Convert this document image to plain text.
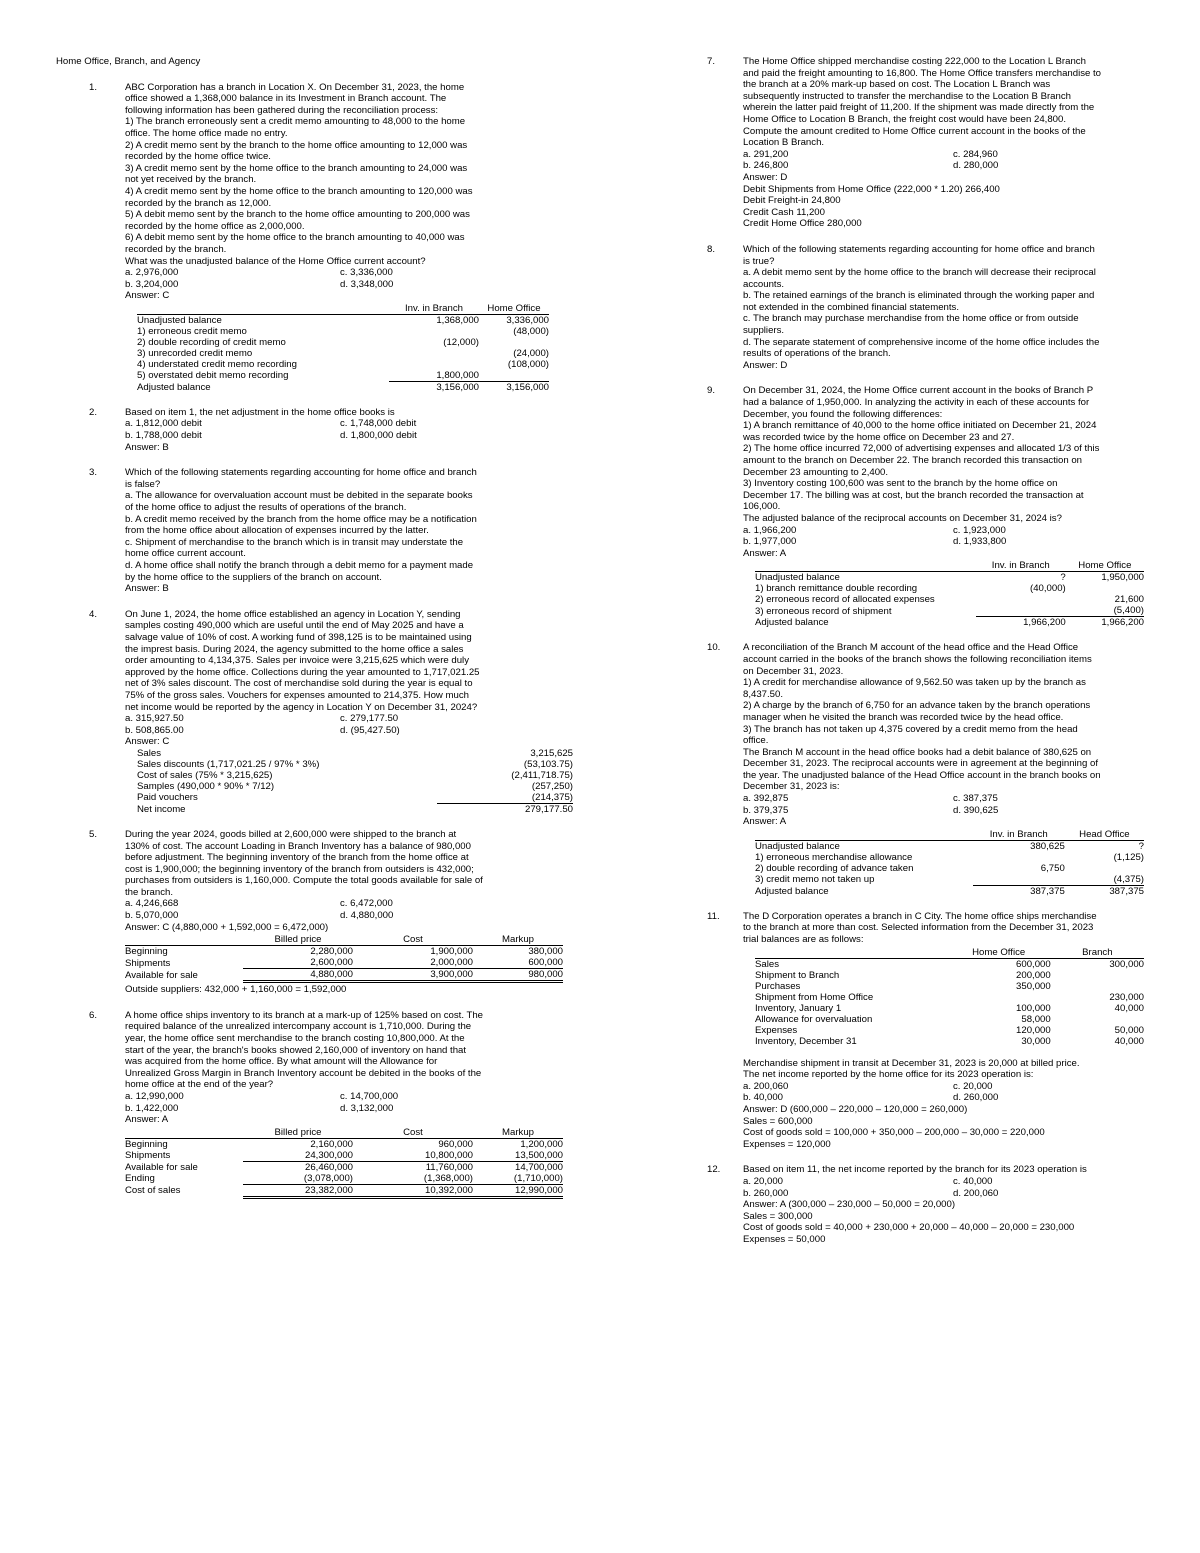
Home Office, Branch, and Agency
1.	ABC Corporation has a branch in Location X. On December 31, 2023, the home
office showed a 1,368,000 balance in its Investment in Branch account. The
following information has been gathered during the reconciliation process:
1) The branch erroneously sent a credit memo amounting to 48,000 to the home
office. The home office made no entry.
2) A credit memo sent by the branch to the home office amounting to 12,000 was
recorded by the home office twice.
3) A credit memo sent by the home office to the branch amounting to 24,000 was
not yet received by the branch.
4) A credit memo sent by the home office to the branch amounting to 120,000 was
recorded by the branch as 12,000.
5) A debit memo sent by the branch to the home office amounting to 200,000 was
recorded by the home office as 2,000,000.
6) A debit memo sent by the home office to the branch amounting to 40,000 was
recorded by the branch.
What was the unadjusted balance of the Home Office current account?
a. 2,976,000	c. 3,336,000
b. 3,204,000	d. 3,348,000
Answer: C
	Inv. in Branch	Home Office
Unadjusted balance	1,368,000	3,336,000
1) erroneous credit memo		(48,000)
2) double recording of credit memo	(12,000)	
3) unrecorded credit memo		(24,000)
4) understated credit memo recording		(108,000)
5) overstated debit memo recording	1,800,000	
Adjusted balance	3,156,000	3,156,000
2.	Based on item 1, the net adjustment in the home office books is
a. 1,812,000 debit	c. 1,748,000 debit
b. 1,788,000 debit	d. 1,800,000 debit
Answer: B
3.	Which of the following statements regarding accounting for home office and branch
is false?
a. The allowance for overvaluation account must be debited in the separate books
of the home office to adjust the results of operations of the branch.
b. A credit memo received by the branch from the home office may be a notification
from the home office about allocation of expenses incurred by the latter.
c. Shipment of merchandise to the branch which is in transit may understate the
home office current account.
d. A home office shall notify the branch through a debit memo for a payment made
by the home office to the suppliers of the branch on account.
Answer: B
4.	On June 1, 2024, the home office established an agency in Location Y, sending
samples costing 490,000 which are useful until the end of May 2025 and have a
salvage value of 10% of cost. A working fund of 398,125 is to be maintained using
the imprest basis. During 2024, the agency submitted to the home office a sales
order amounting to 4,134,375. Sales per invoice were 3,215,625 which were duly
approved by the home office. Collections during the year amounted to 1,717,021.25
net of 3% sales discount. The cost of merchandise sold during the year is equal to
75% of the gross sales. Vouchers for expenses amounted to 214,375. How much
net income would be reported by the agency in Location Y on December 31, 2024?
a. 315,927.50	c. 279,177.50
b. 508,865.00	d. (95,427.50)
Answer: C
Sales	3,215,625
Sales discounts (1,717,021.25 / 97% * 3%)	(53,103.75)
Cost of sales (75% * 3,215,625)	(2,411,718.75)
Samples (490,000 * 90% * 7/12)	(257,250)
Paid vouchers	(214,375)
Net income	279,177.50
5.	During the year 2024, goods billed at 2,600,000 were shipped to the branch at
130% of cost. The account Loading in Branch Inventory has a balance of 980,000
before adjustment. The beginning inventory of the branch from the home office at
cost is 1,900,000; the beginning inventory of the branch from outsiders is 432,000;
purchases from outsiders is 1,160,000. Compute the total goods available for sale of
the branch.
a. 4,246,668	c. 6,472,000
b. 5,070,000	d. 4,880,000
Answer: C (4,880,000 + 1,592,000 = 6,472,000)
	Billed price	Cost	Markup
Beginning	2,280,000	1,900,000	380,000
Shipments	2,600,000	2,000,000	600,000
Available for sale	4,880,000	3,900,000	980,000
Outside suppliers: 432,000 + 1,160,000 = 1,592,000
6.	A home office ships inventory to its branch at a mark-up of 125% based on cost. The
required balance of the unrealized intercompany account is 1,710,000. During the
year, the home office sent merchandise to the branch costing 10,800,000. At the
start of the year, the branch's books showed 2,160,000 of inventory on hand that
was acquired from the home office. By what amount will the Allowance for
Unrealized Gross Margin in Branch Inventory account be debited in the books of the
home office at the end of the year?
a. 12,990,000	c. 14,700,000
b. 1,422,000	d. 3,132,000
Answer: A
	Billed price	Cost	Markup
Beginning	2,160,000	960,000	1,200,000
Shipments	24,300,000	10,800,000	13,500,000
Available for sale	26,460,000	11,760,000	14,700,000
Ending	(3,078,000)	(1,368,000)	(1,710,000)
Cost of sales	23,382,000	10,392,000	12,990,000
7.	The Home Office shipped merchandise costing 222,000 to the Location L Branch
and paid the freight amounting to 16,800. The Home Office transfers merchandise to
the branch at a 20% mark-up based on cost. The Location L Branch was
subsequently instructed to transfer the merchandise to the Location B Branch
wherein the latter paid freight of 11,200. If the shipment was made directly from the
Home Office to Location B Branch, the freight cost would have been 24,800.
Compute the amount credited to Home Office current account in the books of the
Location B Branch.
a. 291,200	c. 284,960
b. 246,800	d. 280,000
Answer: D
Debit Shipments from Home Office (222,000 * 1.20) 266,400
Debit Freight-in 24,800
Credit Cash 11,200
Credit Home Office 280,000
8.	Which of the following statements regarding accounting for home office and branch
is true?
a. A debit memo sent by the home office to the branch will decrease their reciprocal
accounts.
b. The retained earnings of the branch is eliminated through the working paper and
not extended in the combined financial statements.
c. The branch may purchase merchandise from the home office or from outside
suppliers.
d. The separate statement of comprehensive income of the home office includes the
results of operations of the branch.
Answer: D
9.	On December 31, 2024, the Home Office current account in the books of Branch P
had a balance of 1,950,000. In analyzing the activity in each of these accounts for
December, you found the following differences:
1) A branch remittance of 40,000 to the home office initiated on December 21, 2024
was recorded twice by the home office on December 23 and 27.
2) The home office incurred 72,000 of advertising expenses and allocated 1/3 of this
amount to the branch on December 22. The branch recorded this transaction on
December 23 amounting to 2,400.
3) Inventory costing 100,600 was sent to the branch by the home office on
December 17. The billing was at cost, but the branch recorded the transaction at
106,000.
The adjusted balance of the reciprocal accounts on December 31, 2024 is?
a. 1,966,200	c. 1,923,000
b. 1,977,000	d. 1,933,800
Answer: A
	Inv. in Branch	Home Office
Unadjusted balance	?	1,950,000
1) branch remittance double recording	(40,000)	
2) erroneous record of allocated expenses		21,600
3) erroneous record of shipment		(5,400)
Adjusted balance	1,966,200	1,966,200
10. A reconciliation of the Branch M account of the head office and the Head Office
account carried in the books of the branch shows the following reconciliation items
on December 31, 2023.
1) A credit for merchandise allowance of 9,562.50 was taken up by the branch as
8,437.50.
2) A charge by the branch of 6,750 for an advance taken by the branch operations
manager when he visited the branch was recorded twice by the head office.
3) The branch has not taken up 4,375 covered by a credit memo from the head
office.
The Branch M account in the head office books had a debit balance of 380,625 on
December 31, 2023. The reciprocal accounts were in agreement at the beginning of
the year. The unadjusted balance of the Head Office account in the branch books on
December 31, 2023 is:
a. 392,875	c. 387,375
b. 379,375	d. 390,625
Answer: A
	Inv. in Branch	Head Office
Unadjusted balance	380,625	?
1) erroneous merchandise allowance		(1,125)
2) double recording of advance taken	6,750	
3) credit memo not taken up		(4,375)
Adjusted balance	387,375	387,375
11. The D Corporation operates a branch in C City. The home office ships merchandise
to the branch at more than cost. Selected information from the December 31, 2023
trial balances are as follows:
	Home Office	Branch
Sales	600,000	300,000
Shipment to Branch	200,000	
Purchases	350,000	
Shipment from Home Office		230,000
Inventory, January 1	100,000	40,000
Allowance for overvaluation	58,000	
Expenses	120,000	50,000
Inventory, December 31	30,000	40,000
Merchandise shipment in transit at December 31, 2023 is 20,000 at billed price.
The net income reported by the home office for its 2023 operation is:
a. 200,060	c. 20,000
b. 40,000	d. 260,000
Answer: D (600,000 – 220,000 – 120,000 = 260,000)
Sales = 600,000
Cost of goods sold = 100,000 + 350,000 – 200,000 – 30,000 = 220,000
Expenses = 120,000
12. Based on item 11, the net income reported by the branch for its 2023 operation is
a. 20,000	c. 40,000
b. 260,000	d. 200,060
Answer: A (300,000 – 230,000 – 50,000 = 20,000)
Sales = 300,000
Cost of goods sold = 40,000 + 230,000 + 20,000 – 40,000 – 20,000 = 230,000
Expenses = 50,000
